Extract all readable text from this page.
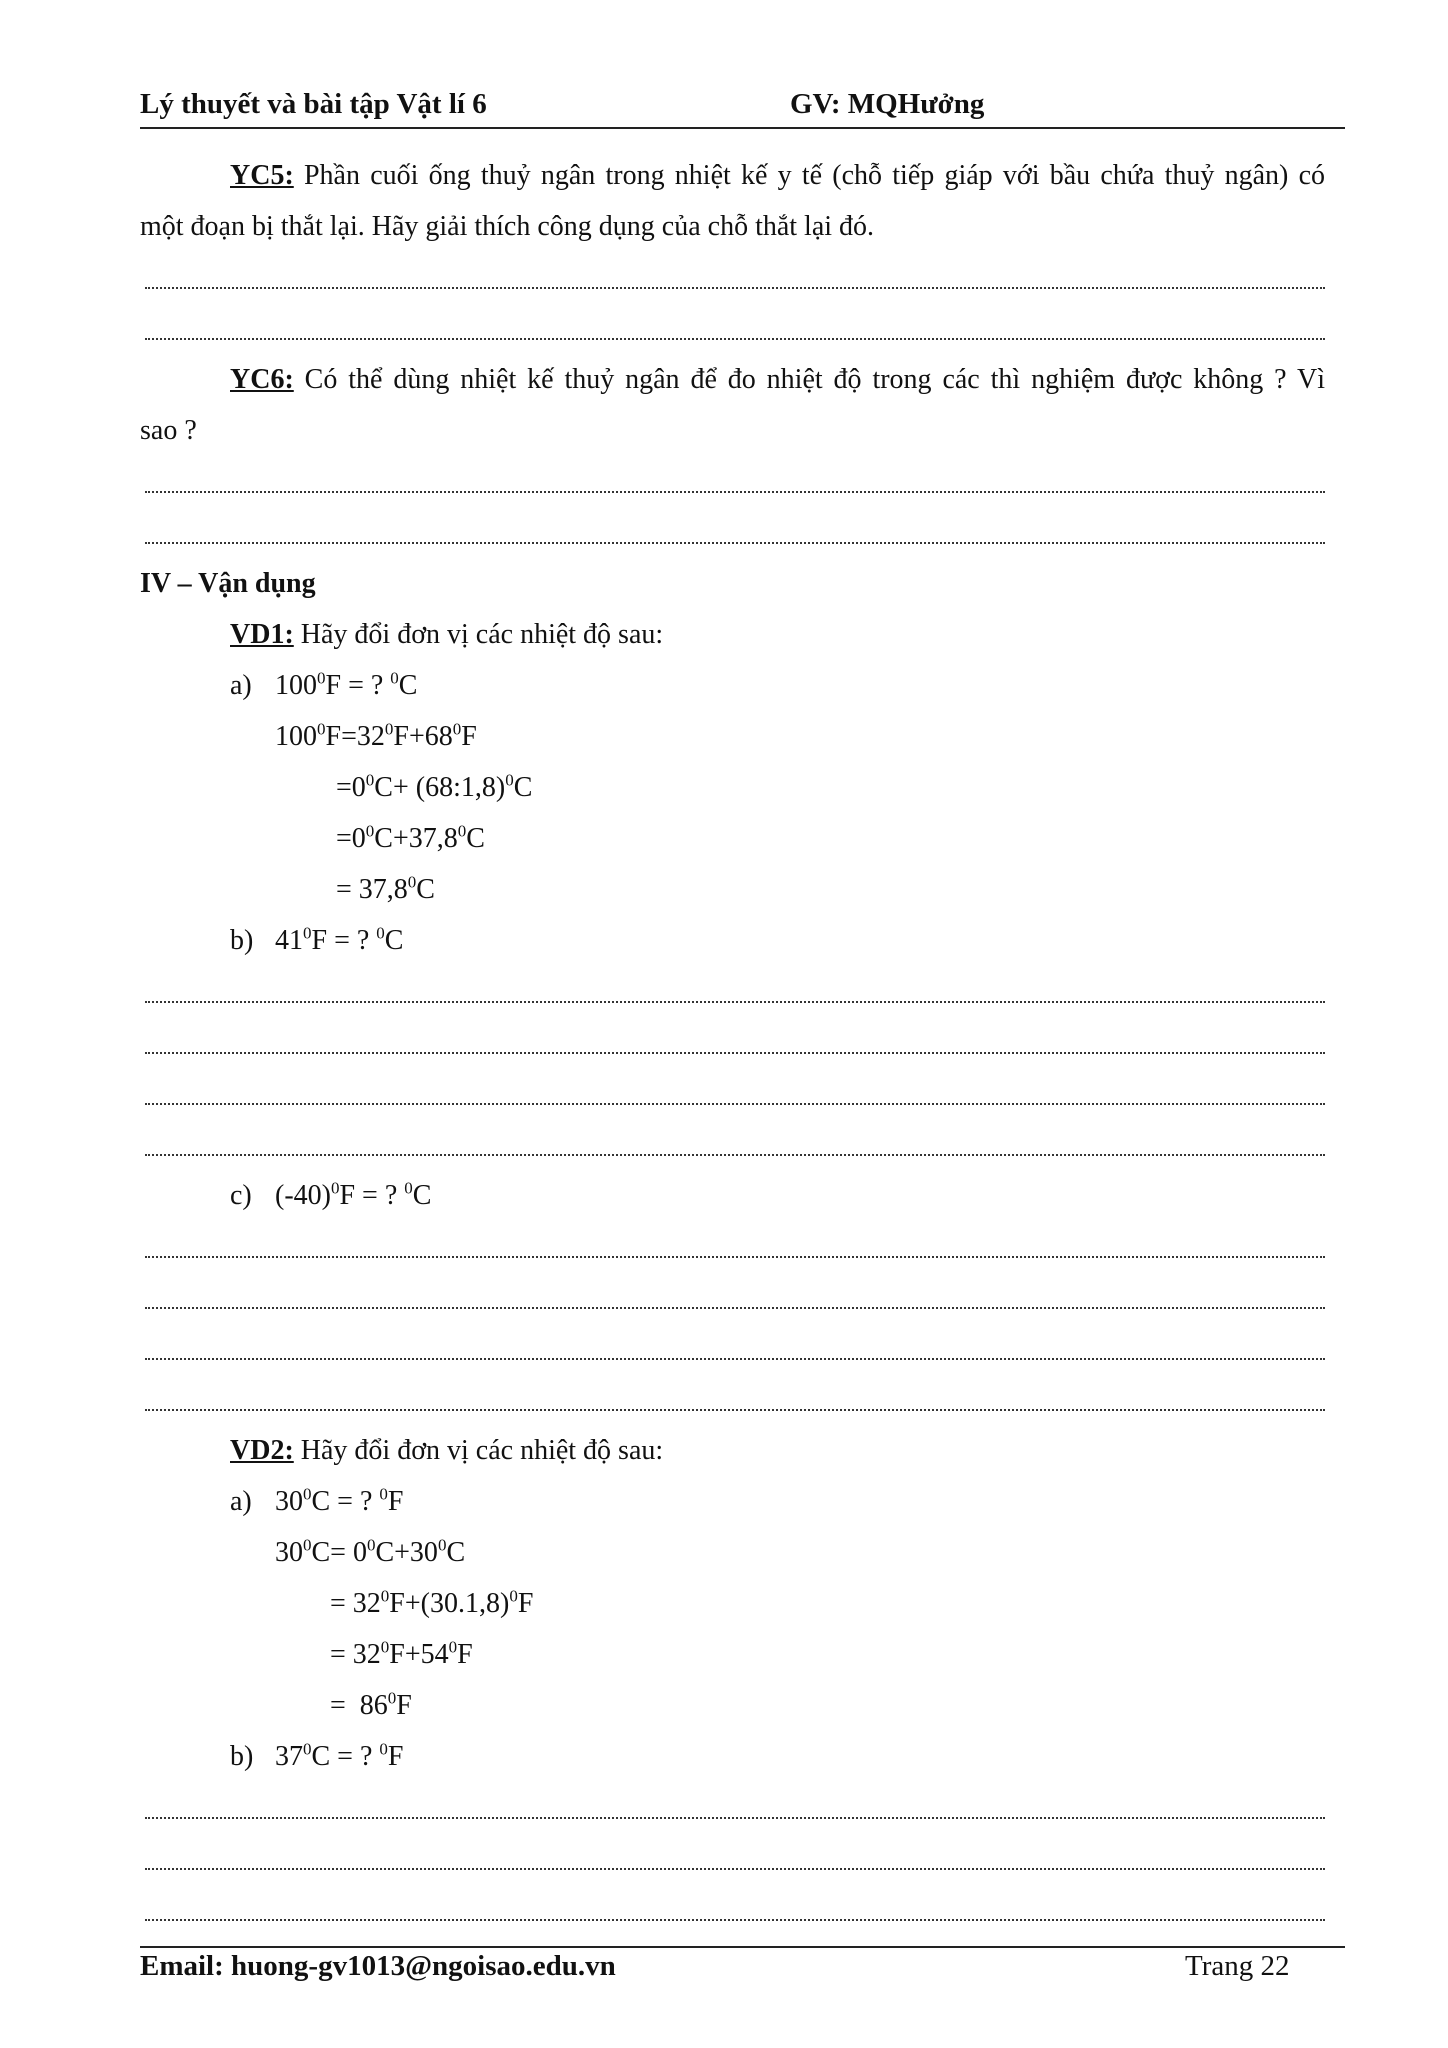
Lý thuyết và bài tập Vật lí 6	GV: MQHưởng
YC5: Phần cuối ống thuỷ ngân trong nhiệt kế y tế (chỗ tiếp giáp với bầu chứa thuỷ ngân) có
một đoạn bị thắt lại. Hãy giải thích công dụng của chỗ thắt lại đó.
YC6: Có thể dùng nhiệt kế thuỷ ngân để đo nhiệt độ trong các thì nghiệm được không ? Vì
sao ?
IV – Vận dụng
VD1: Hãy đổi đơn vị các nhiệt độ sau:
a) $100^0F$ = ? $^0$C
$100^0F=32^0F+68^0F$
$=0^0C+$ (68:1,8)$^0$C
$=0^0C+37,8^0C$
= $37,8^0C$
b) $41^0F$ = ? $^0$C
c) $(-40)^0F$ = ? $^0$C
VD2: Hãy đổi đơn vị các nhiệt độ sau:
a) $30^0C$ = ? $^0$F
$30^0C= 0^0C+30^0C$
= $32^0F+(30.1,8)^0F$
= $32^0F+54^0F$
=  $86^0F$
b) $37^0C$ = ? $^0$F
Email: huong-gv1013@ngoisao.edu.vn	Trang 22
